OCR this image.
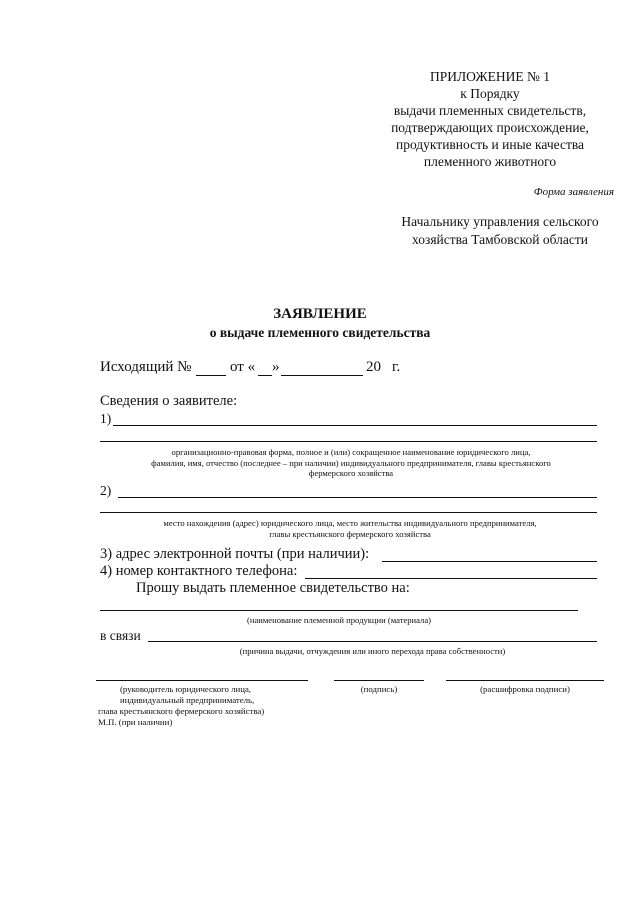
ПРИЛОЖЕНИЕ № 1
к Порядку
выдачи племенных свидетельств,
подтверждающих происхождение,
продуктивность и иные качества
племенного животного
Форма заявления
Начальнику управления сельского
хозяйства Тамбовской области
ЗАЯВЛЕНИЕ
о выдаче племенного свидетельства
Исходящий №	от « »	20 г.
Сведения о заявителе:
1)
организационно-правовая форма, полное и (или) сокращенное наименование юридического лица,
фамилия, имя, отчество (последнее – при наличии) индивидуального предпринимателя, главы крестьянского
фермерского хозяйства
2)
место нахождения (адрес) юридического лица, место жительства индивидуального предпринимателя,
главы крестьянского фермерского хозяйства
3) адрес электронной почты (при наличии):
4) номер контактного телефона:
Прошу выдать племенное свидетельство на:
(наименование племенной продукции (материала)
в связи
(причина выдачи, отчуждения или иного перехода права собственности)
(руководитель юридического лица,
индивидуальный предприниматель,
глава крестьянского фермерского хозяйства)
М.П. (при наличии)
(подпись)	(расшифровка подписи)
